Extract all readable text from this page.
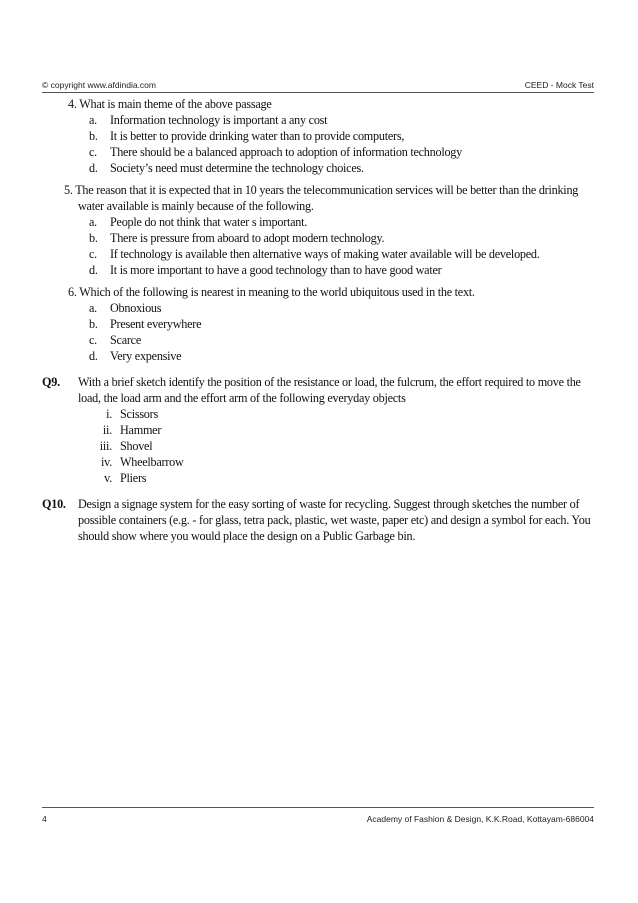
© copyright www.afdindia.com	CEED - Mock Test
4. What is main theme of the above passage
a. Information technology is important a any cost
b. It is better to provide drinking water than to provide computers,
c. There should be a balanced approach to adoption of information technology
d. Society’s need must determine the technology choices.
5. The reason that it is expected that in 10 years the telecommunication services will be better than the drinking water available is mainly because of the following.
a. People do not think that water s important.
b. There is pressure from aboard to adopt modern technology.
c. If technology is available then alternative ways of making water available will be developed.
d. It is more important to have a good technology than to have good water
6. Which of the following is nearest in meaning to the world ubiquitous used in the text.
a. Obnoxious
b. Present everywhere
c. Scarce
d. Very expensive
Q9. With a brief sketch identify the position of the resistance or load, the fulcrum, the effort required to move the load, the load arm and the effort arm of the following everyday objects
i. Scissors
ii. Hammer
iii. Shovel
iv. Wheelbarrow
v. Pliers
Q10. Design a signage system for the easy sorting of waste for recycling. Suggest through sketches the number of possible containers (e.g. - for glass, tetra pack, plastic, wet waste, paper etc) and design a symbol for each. You should show where you would place the design on a Public Garbage bin.
4	Academy of Fashion & Design, K.K.Road, Kottayam-686004
